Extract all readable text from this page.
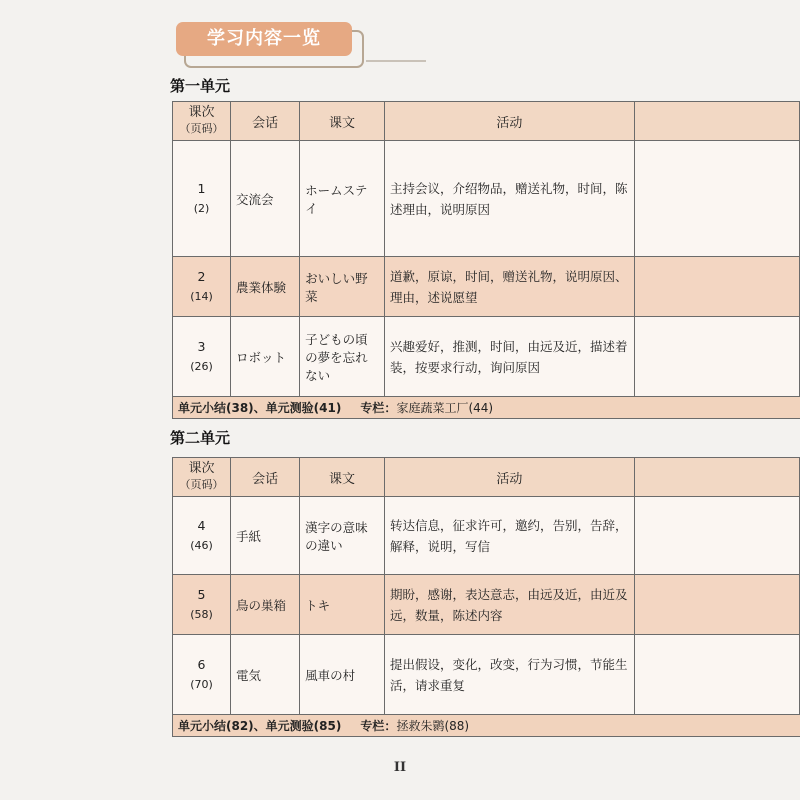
学习内容一览
第一单元
课次
（页码）	会话	课文	活动	
1
(2)	交流会	ホームステイ	主持会议，介绍物品，赠送礼物，时间，陈述理由，说明原因	
2
(14)	農業体験	おいしい野菜	道歉，原谅，时间，赠送礼物，说明原因、理由，述说愿望	
3
(26)	ロボット	子どもの頃の夢を忘れない	兴趣爱好，推测，时间，由远及近，描述着装，按要求行动，询问原因	
单元小结(38)、单元测验(41) 专栏：家庭蔬菜工厂(44)				
第二单元
课次
（页码）	会话	课文	活动	
4
(46)	手紙	漢字の意味の違い	转达信息，征求许可，邀约，告别，告辞，解释，说明，写信	
5
(58)	鳥の巣箱	トキ	期盼，感谢，表达意志，由远及近，由近及远，数量，陈述内容	
6
(70)	電気	風車の村	提出假设，变化，改变，行为习惯，节能生活，请求重复	
单元小结(82)、单元测验(85) 专栏：拯救朱鹮(88)				
II
